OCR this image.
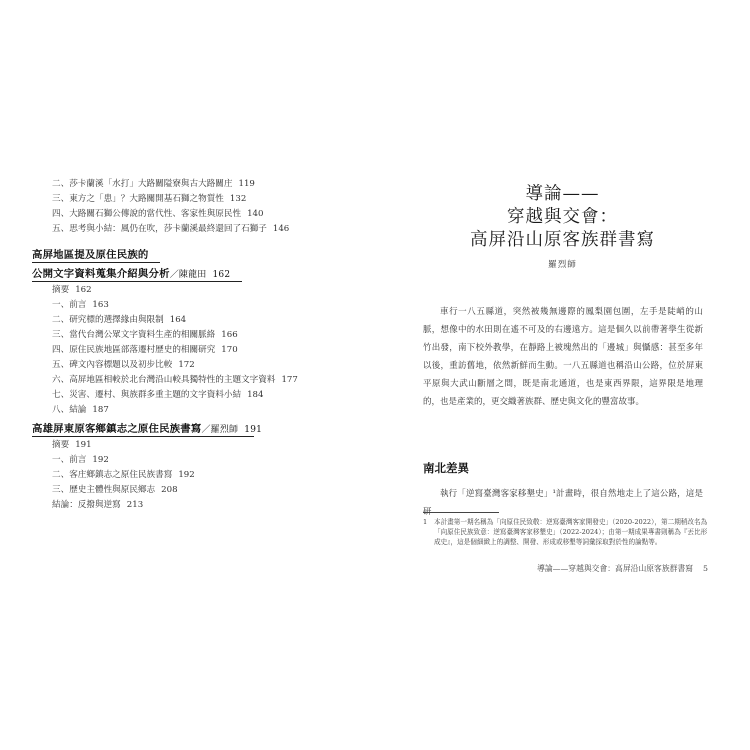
二、莎卡蘭溪「水打」大路關隘寮與古大路關庄 119
三、東方之「患」？大路關開基石獅之物質性 132
四、大路關石獅公傳說的當代性、客家性與原民性 140
五、思考與小結：風仍在吹，莎卡蘭溪最終還回了石獅子 146
高屏地區提及原住民族的
公開文字資料蒐集介紹與分析／陳龍田 162
摘要 162
一、前言 163
二、研究標的選擇緣由與限制 164
三、當代台灣公眾文字資料生產的相關脈絡 166
四、原住民族地區部落遷村歷史的相關研究 170
五、碑文內容標題以及初步比較 172
六、高屏地區相較於北台灣沿山較具獨特性的主題文字資料 177
七、災害、遷村、與族群多重主題的文字資料小結 184
八、結論 187
高雄屏東原客鄉鎮志之原住民族書寫／羅烈師 191
摘要 191
一、前言 192
二、客庄鄉鎮志之原住民族書寫 192
三、歷史主體性與原民鄉志 208
結論：反撥與逆寫 213
導論——
穿越與交會：
高屏沿山原客族群書寫
羅烈師

車行一八五縣道，突然被幾無邊際的鳳梨園包圍，左手是陡峭的山脈，想像中的水田則在遙不可及的右邊遠方。這是個久以前帶著學生從新竹出發，南下校外教學，在靜路上被塊然出的「邊城」與懾感：甚至多年以後，重訪舊地，依然新鮮而生動。一八五縣道也稱沿山公路，位於屏東平原與大武山斷層之間，既是南北通道，也是東西界限，這界限是地理的，也是產業的，更交織著族群、歷史與文化的豐富故事。

南北差異

執行「逆寫臺灣客家移墾史」¹計畫時，很自然地走上了這公路，這是研

1 本計畫第一期名稱為「向原住民致敬：逆寫臺灣客家開發史」（2020-2022），第二期稍改名為「向原住民族致意：逆寫臺灣客家移墾史」（2022-2024）；由第一期成果專書則稱為『丟比形成史』，這是個細緻上的調整、開發、形成或移墾等詞彙採取對於性的論點等。
導論——穿越與交會：高屏沿山原客族群書寫 5
